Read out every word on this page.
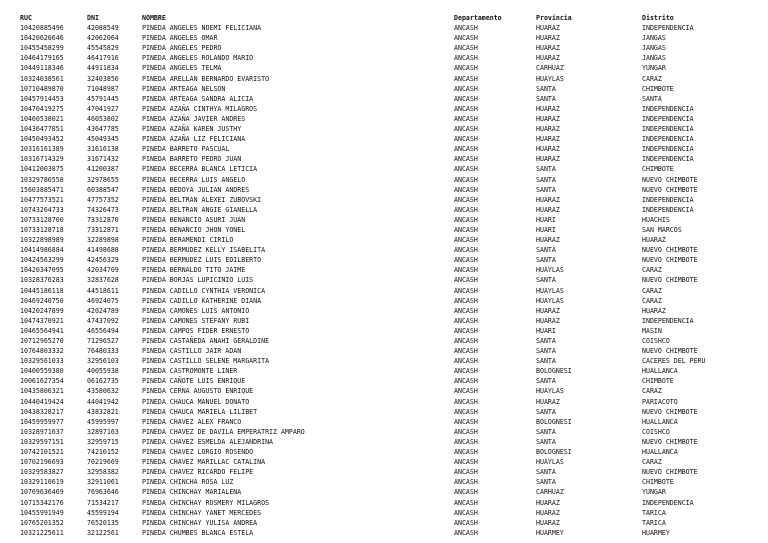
RUC	DNI	NOMBRE	Departamento	Provincia	Distrito
10420885496	42088549	PINEDA ANGELES NOEMI FELICIANA	ANCASH	HUARAZ	INDEPENDENCIA
10420620646	42062064	PINEDA ANGELES OMAR	ANCASH	HUARAZ	JANGAS
10455458299	45545829	PINEDA ANGELES PEDRO	ANCASH	HUARAZ	JANGAS
10464179165	46417916	PINEDA ANGELES ROLANDO MARIO	ANCASH	HUARAZ	JANGAS
10449118346	44911834	PINEDA ANGELES TELMA	ANCASH	CARHUAZ	YUNGAR
10324038561	32403856	PINEDA ARELLAN BERNARDO EVARISTO	ANCASH	HUAYLAS	CARAZ
10710489870	71048987	PINEDA ARTEAGA NELSON	ANCASH	SANTA	CHIMBOTE
10457914453	45791445	PINEDA ARTEAGA SANDRA ALICIA	ANCASH	SANTA	SANTA
10470419275	47041927	PINEDA AZAÑA CINTHYA MILAGROS	ANCASH	HUARAZ	INDEPENDENCIA
10460538021	46053802	PINEDA AZAÑA JAVIER ANDRES	ANCASH	HUARAZ	INDEPENDENCIA
10436477851	43647785	PINEDA AZAÑA KAREN JUSTHY	ANCASH	HUARAZ	INDEPENDENCIA
10450493452	45049345	PINEDA AZAÑA LIZ FELICIANA	ANCASH	HUARAZ	INDEPENDENCIA
10316161389	31616138	PINEDA BARRETO PASCUAL	ANCASH	HUARAZ	INDEPENDENCIA
10316714329	31671432	PINEDA BARRETO PEDRO JUAN	ANCASH	HUARAZ	INDEPENDENCIA
10412003875	41200387	PINEDA BECERRA BLANCA LETICIA	ANCASH	SANTA	CHIMBOTE
10329786558	32978655	PINEDA BECERRA LUIS ANGELO	ANCASH	SANTA	NUEVO CHIMBOTE
15603885471	60388547	PINEDA BEDOYA JULIAN ANDRES	ANCASH	SANTA	NUEVO CHIMBOTE
10477573521	47757352	PINEDA BELTRAN ALEXEI ZUBOVSKI	ANCASH	HUARAZ	INDEPENDENCIA
10743264733	74326473	PINEDA BELTRAN ANGIE GIANELLA	ANCASH	HUARAZ	INDEPENDENCIA
10733128700	73312870	PINEDA BENANCIO ASURI JUAN	ANCASH	HUARI	HUACHIS
10733128718	73312871	PINEDA BENANCIO JHON YONEL	ANCASH	HUARI	SAN MARCOS
10322898989	32289898	PINEDA BERAMENDI CIRILO	ANCASH	HUARAZ	HUARAZ
10414986884	41498688	PINEDA BERMUDEZ KELLY ISABELITA	ANCASH	SANTA	NUEVO CHIMBOTE
10424563299	42456329	PINEDA BERMUDEZ LUIS EDILBERTO	ANCASH	SANTA	NUEVO CHIMBOTE
10420347095	42034709	PINEDA BERNALDO TITO JAIME	ANCASH	HUAYLAS	CARAZ
10328376283	32837628	PINEDA BORJAS LUPICINIO LUIS	ANCASH	SANTA	NUEVO CHIMBOTE
10445186118	44518611	PINEDA CADILLO CYNTHIA VERONICA	ANCASH	HUAYLAS	CARAZ
10469240750	46924075	PINEDA CADILLO KATHERINE DIANA	ANCASH	HUAYLAS	CARAZ
10420247899	42024789	PINEDA CAMONES LUIS ANTONIO	ANCASH	HUARAZ	HUARAZ
10474370921	47437092	PINEDA CAMONES STEFANY RUBI	ANCASH	HUARAZ	INDEPENDENCIA
10465564941	46556494	PINEDA CAMPOS FIDER ERNESTO	ANCASH	HUARI	MASIN
10712965270	71296527	PINEDA CASTAÑEDA ANAHI GERALDINE	ANCASH	SANTA	COISHCO
10764803332	76480333	PINEDA CASTILLO JAIR ADAN	ANCASH	SANTA	NUEVO CHIMBOTE
10329561033	32956103	PINEDA CASTILLO SELENE MARGARITA	ANCASH	SANTA	CACERES DEL PERU
10400559380	40055938	PINEDA CASTROMONTE LINER	ANCASH	BOLOGNESI	HUALLANCA
10061627354	06162735	PINEDA CAÑOTE LUIS ENRIQUE	ANCASH	SANTA	CHIMBOTE
10435806321	43580632	PINEDA CERNA AUGUSTO ENRIQUE	ANCASH	HUAYLAS	CARAZ
10440419424	44041942	PINEDA CHAUCA MANUEL DONATO	ANCASH	HUARAZ	PARIACOTO
10438328217	43832821	PINEDA CHAUCA MARIELA LILIBET	ANCASH	SANTA	NUEVO CHIMBOTE
10459959977	45995997	PINEDA CHAVEZ ALEX FRANCO	ANCASH	BOLOGNESI	HUALLANCA
10328971637	32897163	PINEDA CHAVEZ DE DAVILA EMPERATRIZ AMPARO	ANCASH	SANTA	COISHCO
10329597151	32959715	PINEDA CHAVEZ ESMELDA ALEJANDRINA	ANCASH	SANTA	NUEVO CHIMBOTE
10742101521	74210152	PINEDA CHAVEZ LORGIO ROSENDO	ANCASH	BOLOGNESI	HUALLANCA
10702196693	70219669	PINEDA CHAVEZ MARILLAC CATALINA	ANCASH	HUAYLAS	CARAZ
10329583827	32958382	PINEDA CHAVEZ RICARDO FELIPE	ANCASH	SANTA	NUEVO CHIMBOTE
10329110619	32911061	PINEDA CHINCHA ROSA LUZ	ANCASH	SANTA	CHIMBOTE
10769636469	76963646	PINEDA CHINCHAY MARIALENA	ANCASH	CARHUAZ	YUNGAR
10715342176	71534217	PINEDA CHINCHAY ROSMERY MILAGROS	ANCASH	HUARAZ	INDEPENDENCIA
10455991949	45599194	PINEDA CHINCHAY YANET MERCEDES	ANCASH	HUARAZ	TARICA
10765201352	76520135	PINEDA CHINCHAY YULISA ANDREA	ANCASH	HUARAZ	TARICA
10321225611	32122561	PINEDA CHUMBES BLANCA ESTELA	ANCASH	HUARMEY	HUARMEY
